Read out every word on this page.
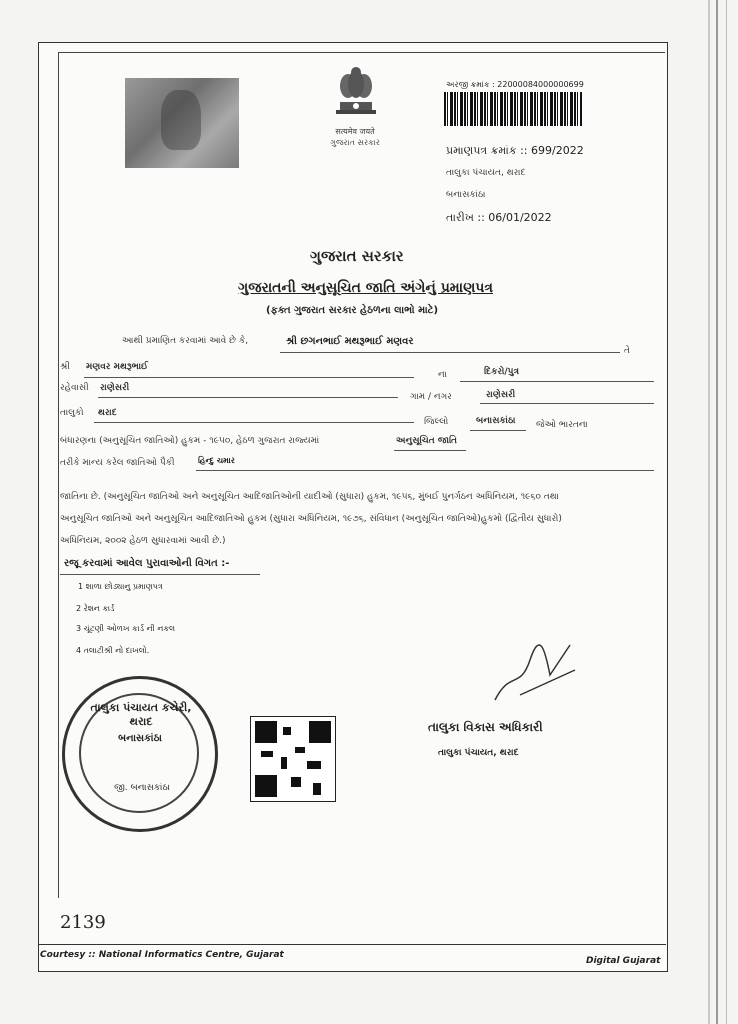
सत्यमेव जयते
ગુજરાત સરકાર
અરજી ક્રમાંક : 22000084000000699
પ્રમાણપત્ર ક્રમાંક :: 699/2022
તાલુકા પંચાયત, થરાદ
બનાસકાંઠા
તારીખ :: 06/01/2022
ગુજરાત સરકાર
ગુજરાતની અનુસૂચિત જાતિ અંગેનું પ્રમાણપત્ર
(ફક્ત ગુજરાત સરકાર હેઠળના લાભો માટે)
આથી પ્રમાણિત કરવામાં આવે છે કે,	શ્રી છગનભાઈ મથરૂભાઈ મણવર
તે
શ્રી મણવર મથરૂભાઈ
ના	દિકરો/પુત્ર
રહેવાસી રાણેસરી
ગામ / નગર	રાણેસરી
તાલુકો થરાદ
જિલ્લો	બનાસકાંઠા જેઓ ભારતના
બંધારણના (અનુસૂચિત જાતિઓ) હુકમ - ૧૯૫૦, હેઠળ ગુજરાત રાજ્યમાં	અનુસૂચિત જાતિ
તરીકે માન્ય કરેલ જાતિઓ પૈકી	હિન્દુ ચમાર
જાતિના છે. (અનુસૂચિત જાતિઓ અને અનુસૂચિત આદિજાતિઓની યાદીઓ (સુધારા) હુકમ, ૧૯૫૬, મુંબઈ પુનર્ગઠન અધિનિયમ, ૧૯૬૦ તથા
અનુસૂચિત જાતિઓ અને અનુસૂચિત આદિજાતિઓ હુકમ (સુધારા અધિનિયમ, ૧૯૭૬, સંવિધાન (અનુસૂચિત જાતિઓ)હુકમો (દ્વિતીય સુધારો)
અધિનિયમ, ૨૦૦૨ હેઠળ સુધારવામાં આવી છે.)
રજૂ કરવામાં આવેલ પુરાવાઓની વિગત :-
1 શાળા છોડ્યાનુ પ્રમાણપત્ર
2 રેશન કાર્ડ
3 ચૂંટણી ઓળખ કાર્ડ ની નકલ
4 તલાટીશ્રી નો દાખલો.
તાલુકા પંચાયત કચેરી, થરાદ
બનાસકાંઠા
જી. બનાસકાંઠા
તાલુકા વિકાસ અધિકારી
તાલુકા પંચાયત, થરાદ
2139
Courtesy :: National Informatics Centre, Gujarat
Digital Gujarat
